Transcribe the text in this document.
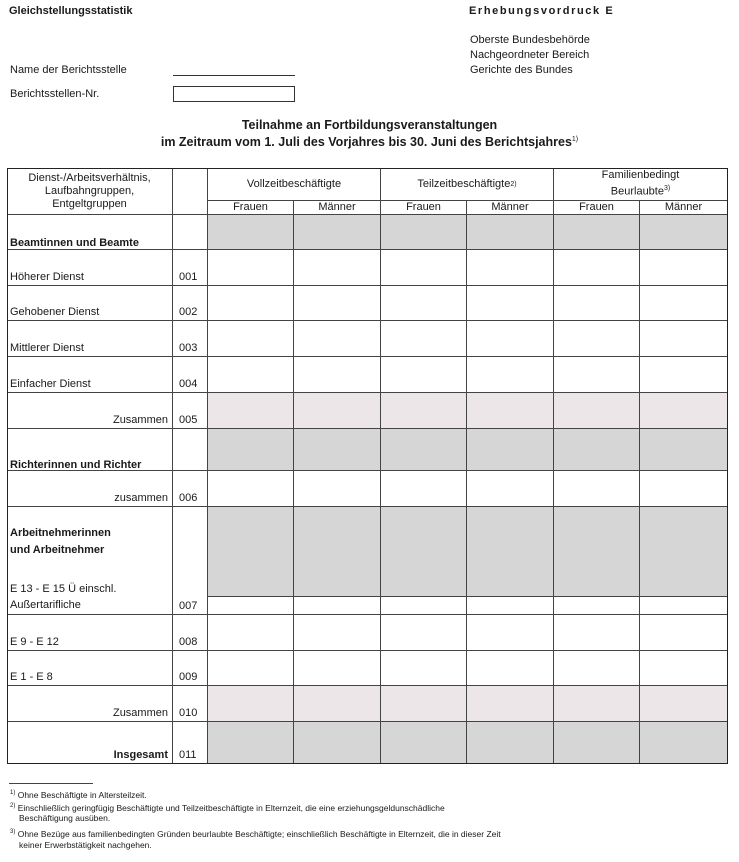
Gleichstellungsstatistik	Erhebungsvordruck E
Oberste Bundesbehörde
Nachgeordneter Bereich
Gerichte des Bundes
Name der Berichtsstelle
Berichtsstellen-Nr.
Teilnahme an Fortbildungsveranstaltungen
im Zeitraum vom 1. Juli des Vorjahres bis 30. Juni des Berichtsjahres$^{1)}$
Dienst-/Arbeitsverhältnis,
Laufbahngruppen,
Entgeltgruppen
Vollzeitbeschäftigte	Teilzeitbeschäftigte 2)
Familienbedingt
Beurlaubte$^{3)}$
Frauen	Männer	Frauen	Männer	Frauen	Männer
Beamtinnen und Beamte
Höherer Dienst	001
Gehobener Dienst	002
Mittlerer Dienst	003
Einfacher Dienst	004
Zusammen 005
Richterinnen und Richter
zusammen 006
Arbeitnehmerinnen
und Arbeitnehmer
E 13 - E 15 Ü einschl.
Außertarifliche	007
E 9 - E 12	008
E 1 - E 8	009
Zusammen 010
Insgesamt 011
$^{1)}$ Ohne Beschäftigte in Altersteilzeit.
$^{2)}$ Einschließlich geringfügig Beschäftigte und Teilzeitbeschäftigte in Elternzeit, die eine erziehungsgeldunschädliche
Beschäftigung ausüben.
$^{3)}$ Ohne Bezüge aus familienbedingten Gründen beurlaubte Beschäftigte; einschließlich Beschäftigte in Elternzeit, die in dieser Zeit
keiner Erwerbstätigkeit nachgehen.
